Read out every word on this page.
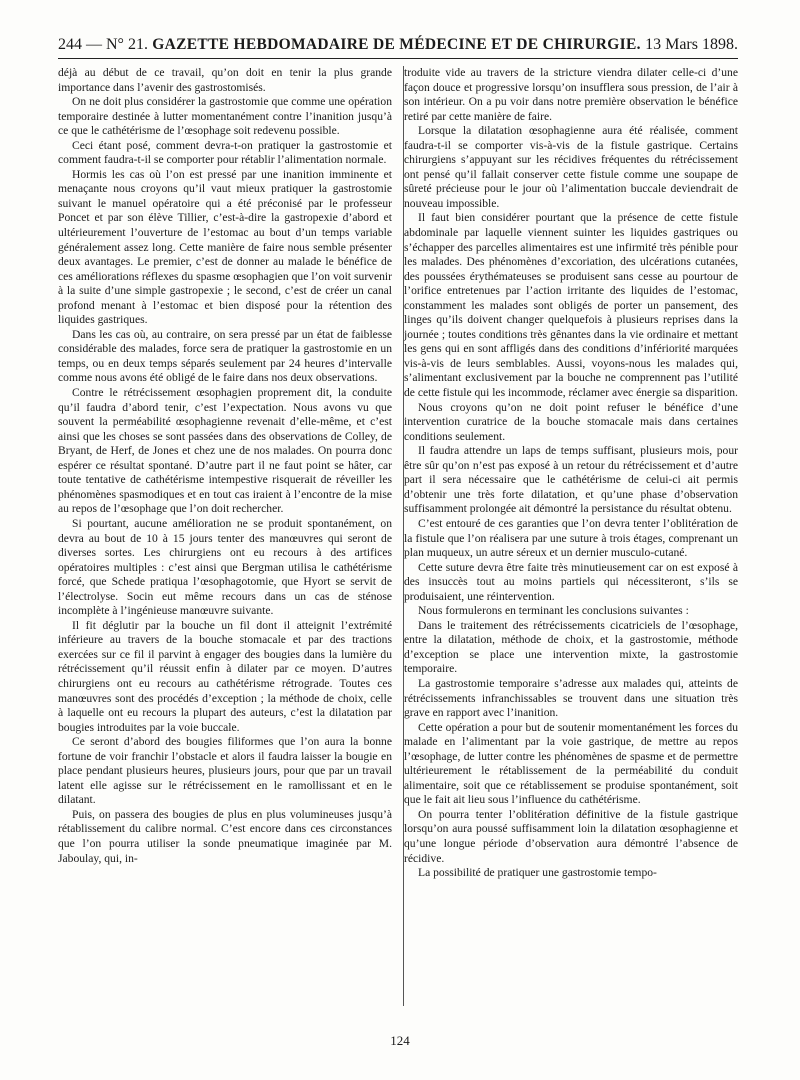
244 — N° 21. GAZETTE HEBDOMADAIRE DE MÉDECINE ET DE CHIRURGIE. 13 Mars 1898.

déjà au début de ce travail, qu’on doit en tenir la plus grande importance dans l’avenir des gastrostomisés.

On ne doit plus considérer la gastrostomie que comme une opération temporaire destinée à lutter momentanément contre l’inanition jusqu’à ce que le cathétérisme de l’œsophage soit redevenu possible.

Ceci étant posé, comment devra-t-on pratiquer la gastrostomie et comment faudra-t-il se comporter pour rétablir l’alimentation normale.

Hormis les cas où l’on est pressé par une inanition imminente et menaçante nous croyons qu’il vaut mieux pratiquer la gastrostomie suivant le manuel opératoire qui a été préconisé par le professeur Poncet et par son élève Tillier, c’est-à-dire la gastropexie d’abord et ultérieurement l’ouverture de l’estomac au bout d’un temps variable généralement assez long. Cette manière de faire nous semble présenter deux avantages. Le premier, c’est de donner au malade le bénéfice de ces améliorations réflexes du spasme œsophagien que l’on voit survenir à la suite d’une simple gastropexie ; le second, c’est de créer un canal profond menant à l’estomac et bien disposé pour la rétention des liquides gastriques.

Dans les cas où, au contraire, on sera pressé par un état de faiblesse considérable des malades, force sera de pratiquer la gastrostomie en un temps, ou en deux temps séparés seulement par 24 heures d’intervalle comme nous avons été obligé de le faire dans nos deux observations.

Contre le rétrécissement œsophagien proprement dit, la conduite qu’il faudra d’abord tenir, c’est l’expectation. Nous avons vu que souvent la perméabilité œsophagienne revenait d’elle-même, et c’est ainsi que les choses se sont passées dans des observations de Colley, de Bryant, de Herf, de Jones et chez une de nos malades. On pourra donc espérer ce résultat spontané. D’autre part il ne faut point se hâter, car toute tentative de cathétérisme intempestive risquerait de réveiller les phénomènes spasmodiques et en tout cas iraient à l’encontre de la mise au repos de l’œsophage que l’on doit rechercher.

Si pourtant, aucune amélioration ne se produit spontanément, on devra au bout de 10 à 15 jours tenter des manœuvres qui seront de diverses sortes. Les chirurgiens ont eu recours à des artifices opératoires multiples : c’est ainsi que Bergman utilisa le cathétérisme forcé, que Schede pratiqua l’œsophagotomie, que Hyort se servit de l’électrolyse. Socin eut même recours dans un cas de sténose incomplète à l’ingénieuse manœuvre suivante.

Il fit déglutir par la bouche un fil dont il atteignit l’extrémité inférieure au travers de la bouche stomacale et par des tractions exercées sur ce fil il parvint à engager des bougies dans la lumière du rétrécissement qu’il réussit enfin à dilater par ce moyen. D’autres chirurgiens ont eu recours au cathétérisme rétrograde. Toutes ces manœuvres sont des procédés d’exception ; la méthode de choix, celle à laquelle ont eu recours la plupart des auteurs, c’est la dilatation par bougies introduites par la voie buccale.

Ce seront d’abord des bougies filiformes que l’on aura la bonne fortune de voir franchir l’obstacle et alors il faudra laisser la bougie en place pendant plusieurs heures, plusieurs jours, pour que par un travail latent elle agisse sur le rétrécissement en le ramollissant et en le dilatant.

Puis, on passera des bougies de plus en plus volumineuses jusqu’à rétablissement du calibre normal. C’est encore dans ces circonstances que l’on pourra utiliser la sonde pneumatique imaginée par M. Jaboulay, qui, in-

troduite vide au travers de la stricture viendra dilater celle-ci d’une façon douce et progressive lorsqu’on insufflera sous pression, de l’air à son intérieur. On a pu voir dans notre première observation le bénéfice retiré par cette manière de faire.

Lorsque la dilatation œsophagienne aura été réalisée, comment faudra-t-il se comporter vis-à-vis de la fistule gastrique. Certains chirurgiens s’appuyant sur les récidives fréquentes du rétrécissement ont pensé qu’il fallait conserver cette fistule comme une soupape de sûreté précieuse pour le jour où l’alimentation buccale deviendrait de nouveau impossible.

Il faut bien considérer pourtant que la présence de cette fistule abdominale par laquelle viennent suinter les liquides gastriques ou s’échapper des parcelles alimentaires est une infirmité très pénible pour les malades. Des phénomènes d’excoriation, des ulcérations cutanées, des poussées érythémateuses se produisent sans cesse au pourtour de l’orifice entretenues par l’action irritante des liquides de l’estomac, constamment les malades sont obligés de porter un pansement, des linges qu’ils doivent changer quelquefois à plusieurs reprises dans la journée ; toutes conditions très gênantes dans la vie ordinaire et mettant les gens qui en sont affligés dans des conditions d’infériorité marquées vis-à-vis de leurs semblables. Aussi, voyons-nous les malades qui, s’alimentant exclusivement par la bouche ne comprennent pas l’utilité de cette fistule qui les incommode, réclamer avec énergie sa disparition.

Nous croyons qu’on ne doit point refuser le bénéfice d’une intervention curatrice de la bouche stomacale mais dans certaines conditions seulement.

Il faudra attendre un laps de temps suffisant, plusieurs mois, pour être sûr qu’on n’est pas exposé à un retour du rétrécissement et d’autre part il sera nécessaire que le cathétérisme de celui-ci ait permis d’obtenir une très forte dilatation, et qu’une phase d’observation suffisamment prolongée ait démontré la persistance du résultat obtenu.

C’est entouré de ces garanties que l’on devra tenter l’oblitération de la fistule que l’on réalisera par une suture à trois étages, comprenant un plan muqueux, un autre séreux et un dernier musculo-cutané.

Cette suture devra être faite très minutieusement car on est exposé à des insuccès tout au moins partiels qui nécessiteront, s’ils se produisaient, une réintervention.

Nous formulerons en terminant les conclusions suivantes :

Dans le traitement des rétrécissements cicatriciels de l’œsophage, entre la dilatation, méthode de choix, et la gastrostomie, méthode d’exception se place une intervention mixte, la gastrostomie temporaire.

La gastrostomie temporaire s’adresse aux malades qui, atteints de rétrécissements infranchissables se trouvent dans une situation très grave en rapport avec l’inanition.

Cette opération a pour but de soutenir momentanément les forces du malade en l’alimentant par la voie gastrique, de mettre au repos l’œsophage, de lutter contre les phénomènes de spasme et de permettre ultérieurement le rétablissement de la perméabilité du conduit alimentaire, soit que ce rétablissement se produise spontanément, soit que le fait ait lieu sous l’influence du cathétérisme.

On pourra tenter l’oblitération définitive de la fistule gastrique lorsqu’on aura poussé suffisamment loin la dilatation œsophagienne et qu’une longue période d’observation aura démontré l’absence de récidive.

La possibilité de pratiquer une gastrostomie tempo-

124
